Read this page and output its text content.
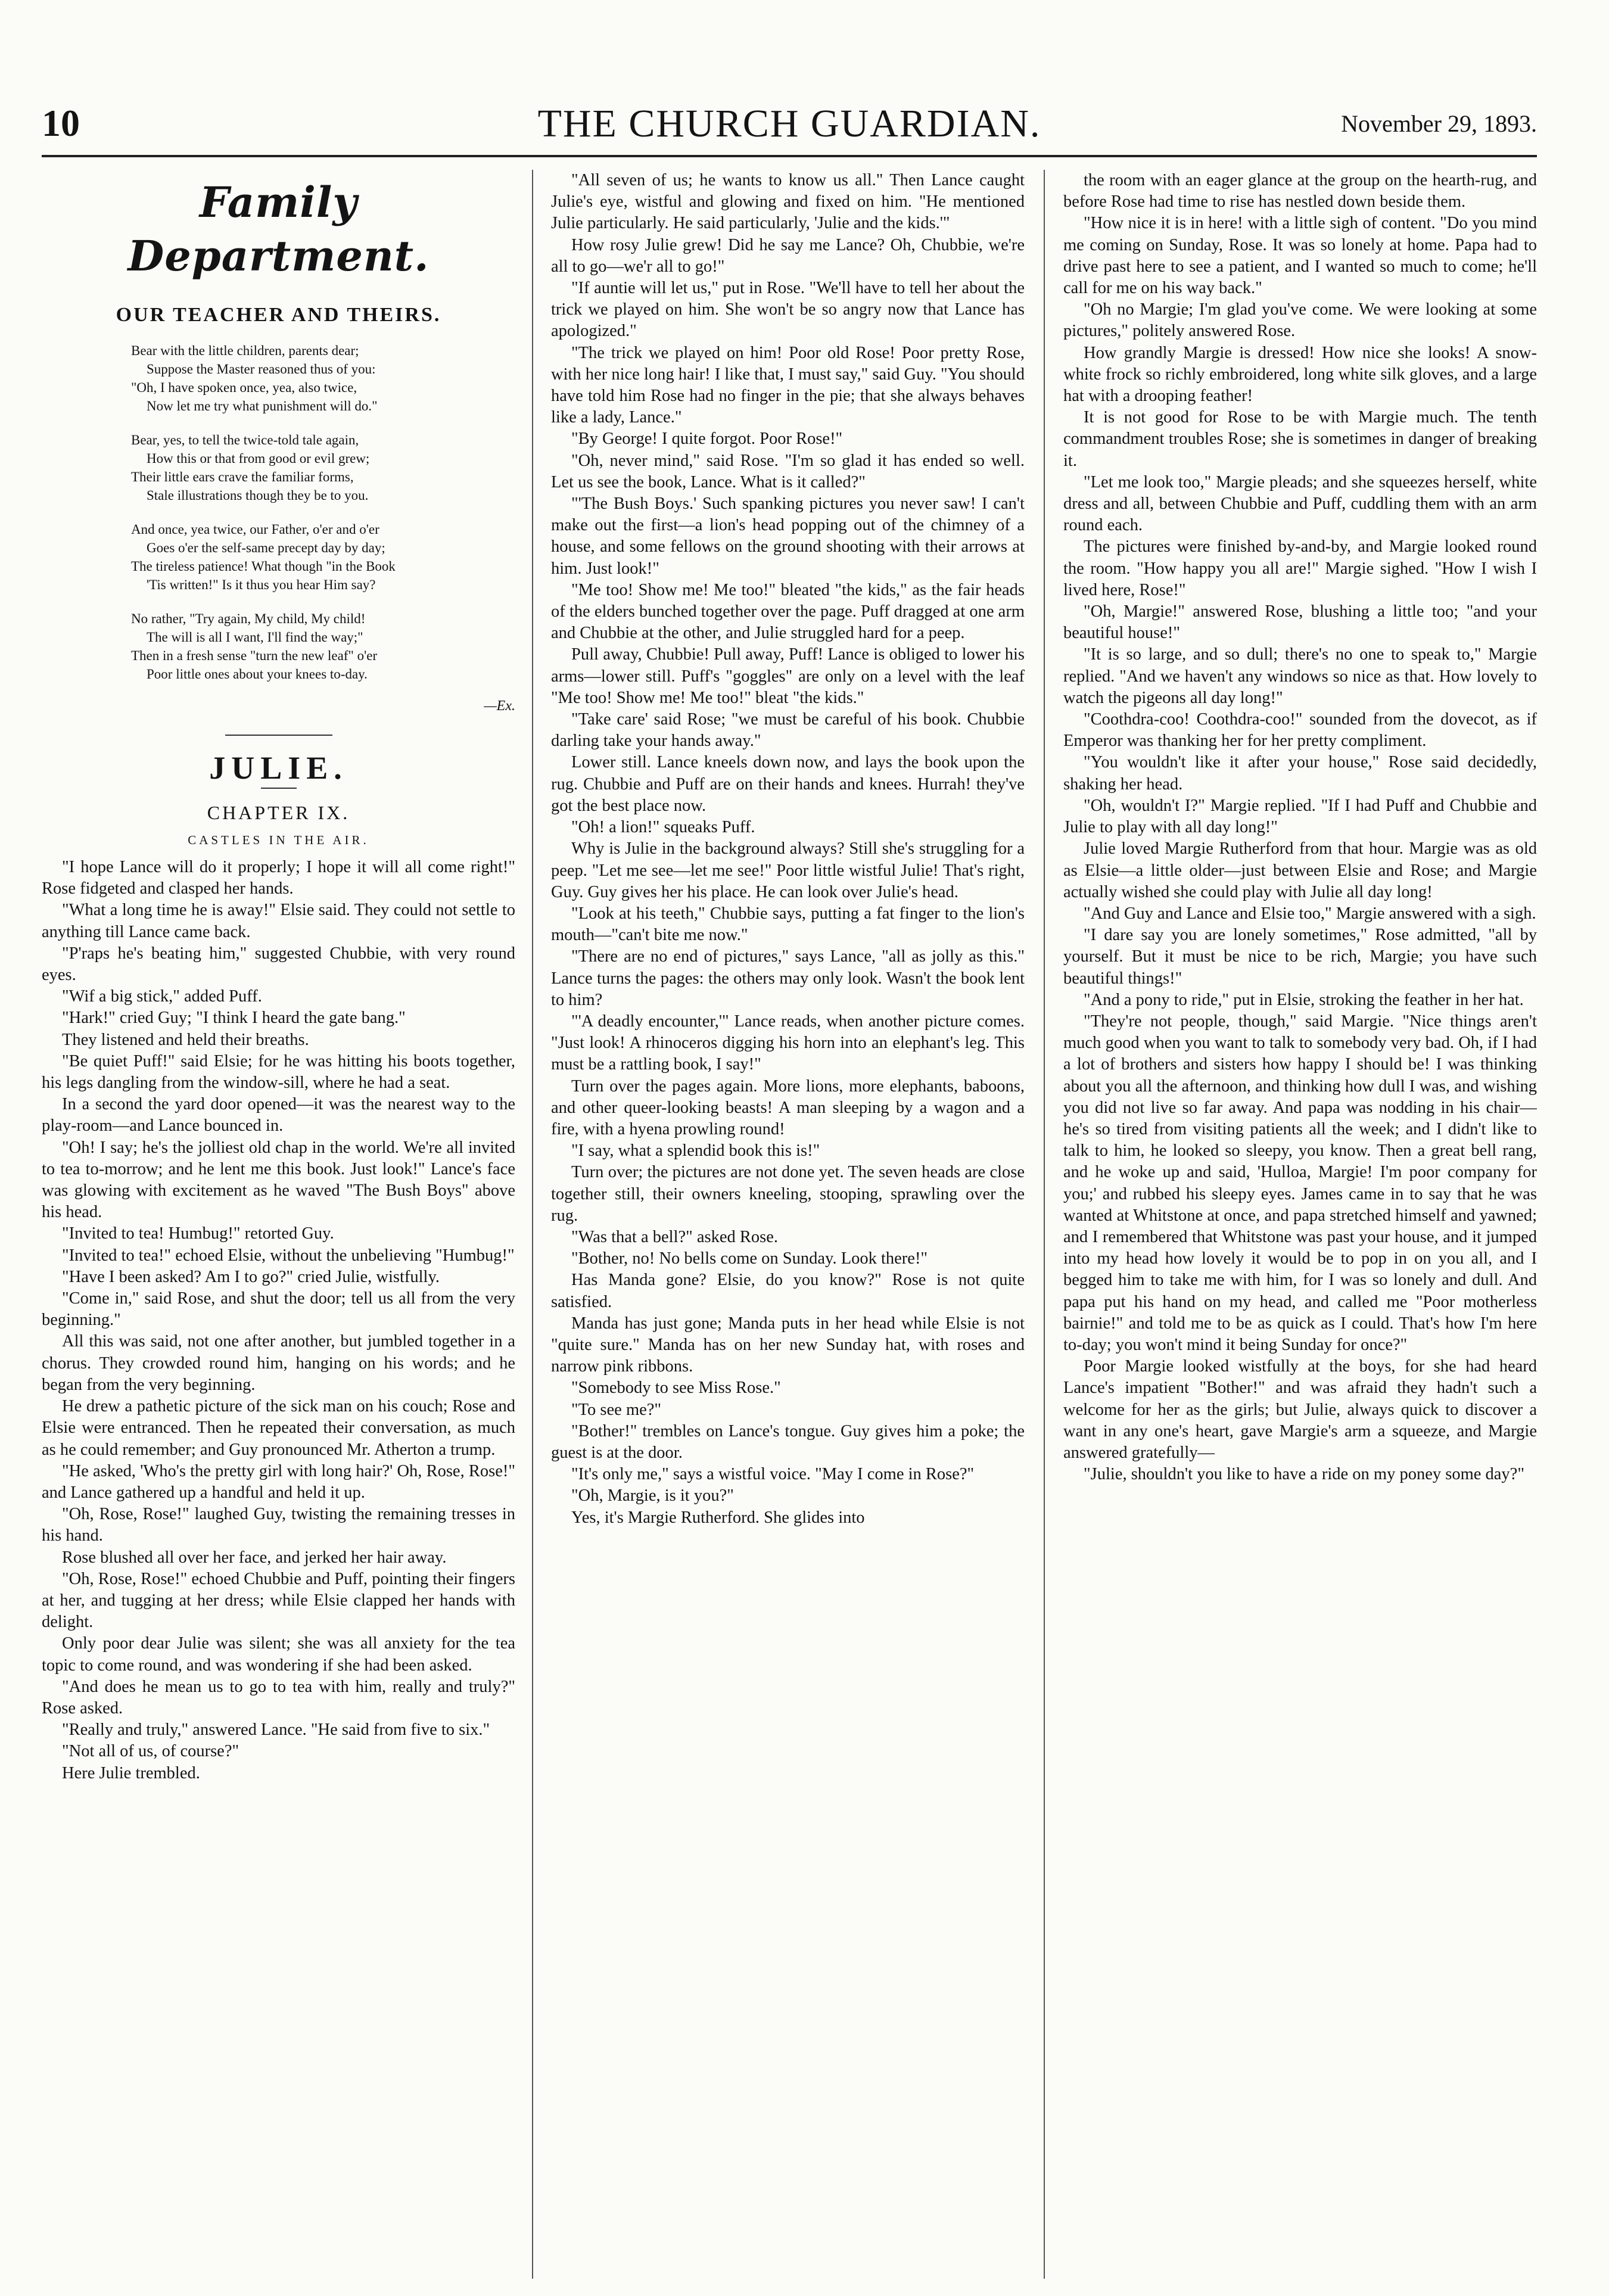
10	THE CHURCH GUARDIAN.	November 29, 1893.
Family Department.
OUR TEACHER AND THEIRS.
Bear with the little children, parents dear;
Suppose the Master reasoned thus of you:
"Oh, I have spoken once, yea, also twice,
Now let me try what punishment will do."
Bear, yes, to tell the twice-told tale again,
How this or that from good or evil grew;
Their little ears crave the familiar forms,
Stale illustrations though they be to you.
And once, yea twice, our Father, o'er and o'er
Goes o'er the self-same precept day by day;
The tireless patience! What though "in the Book
'Tis written!" Is it thus you hear Him say?
No rather, "Try again, My child, My child!
The will is all I want, I'll find the way;"
Then in a fresh sense "turn the new leaf" o'er
Poor little ones about your knees to-day.
—Ex.
JULIE.
CHAPTER IX.
CASTLES IN THE AIR.

"I hope Lance will do it properly; I hope it will all come right!" Rose fidgeted and clasped her hands.

"What a long time he is away!" Elsie said. They could not settle to anything till Lance came back.

"P'raps he's beating him," suggested Chubbie, with very round eyes.

"Wif a big stick," added Puff.

"Hark!" cried Guy; "I think I heard the gate bang."

They listened and held their breaths.

"Be quiet Puff!" said Elsie; for he was hitting his boots together, his legs dangling from the window-sill, where he had a seat.

In a second the yard door opened—it was the nearest way to the play-room—and Lance bounced in.

"Oh! I say; he's the jolliest old chap in the world. We're all invited to tea to-morrow; and he lent me this book. Just look!" Lance's face was glowing with excitement as he waved "The Bush Boys" above his head.

"Invited to tea! Humbug!" retorted Guy.

"Invited to tea!" echoed Elsie, without the unbelieving "Humbug!"

"Have I been asked? Am I to go?" cried Julie, wistfully.

"Come in," said Rose, and shut the door; tell us all from the very beginning."

All this was said, not one after another, but jumbled together in a chorus. They crowded round him, hanging on his words; and he began from the very beginning.

He drew a pathetic picture of the sick man on his couch; Rose and Elsie were entranced. Then he repeated their conversation, as much as he could remember; and Guy pronounced Mr. Atherton a trump.

"He asked, 'Who's the pretty girl with long hair?' Oh, Rose, Rose!" and Lance gathered up a handful and held it up.

"Oh, Rose, Rose!" laughed Guy, twisting the remaining tresses in his hand.

Rose blushed all over her face, and jerked her hair away.

"Oh, Rose, Rose!" echoed Chubbie and Puff, pointing their fingers at her, and tugging at her dress; while Elsie clapped her hands with delight.

Only poor dear Julie was silent; she was all anxiety for the tea topic to come round, and was wondering if she had been asked.

"And does he mean us to go to tea with him, really and truly?" Rose asked.

"Really and truly," answered Lance. "He said from five to six."

"Not all of us, of course?"

Here Julie trembled.

"All seven of us; he wants to know us all." Then Lance caught Julie's eye, wistful and glowing and fixed on him. "He mentioned Julie particularly. He said particularly, 'Julie and the kids.'"

How rosy Julie grew! Did he say me Lance? Oh, Chubbie, we're all to go—we'r all to go!"

"If auntie will let us," put in Rose. "We'll have to tell her about the trick we played on him. She won't be so angry now that Lance has apologized."

"The trick we played on him! Poor old Rose! Poor pretty Rose, with her nice long hair! I like that, I must say," said Guy. "You should have told him Rose had no finger in the pie; that she always behaves like a lady, Lance."

"By George! I quite forgot. Poor Rose!"

"Oh, never mind," said Rose. "I'm so glad it has ended so well. Let us see the book, Lance. What is it called?"

"'The Bush Boys.' Such spanking pictures you never saw! I can't make out the first—a lion's head popping out of the chimney of a house, and some fellows on the ground shooting with their arrows at him. Just look!"

"Me too! Show me! Me too!" bleated "the kids," as the fair heads of the elders bunched together over the page. Puff dragged at one arm and Chubbie at the other, and Julie struggled hard for a peep.

Pull away, Chubbie! Pull away, Puff! Lance is obliged to lower his arms—lower still. Puff's "goggles" are only on a level with the leaf "Me too! Show me! Me too!" bleat "the kids."

"Take care' said Rose; "we must be careful of his book. Chubbie darling take your hands away."

Lower still. Lance kneels down now, and lays the book upon the rug. Chubbie and Puff are on their hands and knees. Hurrah! they've got the best place now.

"Oh! a lion!" squeaks Puff.

Why is Julie in the background always? Still she's struggling for a peep. "Let me see—let me see!" Poor little wistful Julie! That's right, Guy. Guy gives her his place. He can look over Julie's head.

"Look at his teeth," Chubbie says, putting a fat finger to the lion's mouth—"can't bite me now."

"There are no end of pictures," says Lance, "all as jolly as this." Lance turns the pages: the others may only look. Wasn't the book lent to him?

"'A deadly encounter,'" Lance reads, when another picture comes. "Just look! A rhinoceros digging his horn into an elephant's leg. This must be a rattling book, I say!"

Turn over the pages again. More lions, more elephants, baboons, and other queer-looking beasts! A man sleeping by a wagon and a fire, with a hyena prowling round!

"I say, what a splendid book this is!"

Turn over; the pictures are not done yet. The seven heads are close together still, their owners kneeling, stooping, sprawling over the rug.

"Was that a bell?" asked Rose.

"Bother, no! No bells come on Sunday. Look there!"

Has Manda gone? Elsie, do you know?" Rose is not quite satisfied.

Manda has just gone; Manda puts in her head while Elsie is not "quite sure." Manda has on her new Sunday hat, with roses and narrow pink ribbons.

"Somebody to see Miss Rose."

"To see me?"

"Bother!" trembles on Lance's tongue. Guy gives him a poke; the guest is at the door.

"It's only me," says a wistful voice. "May I come in Rose?"

"Oh, Margie, is it you?"

Yes, it's Margie Rutherford. She glides into

the room with an eager glance at the group on the hearth-rug, and before Rose had time to rise has nestled down beside them.

"How nice it is in here! with a little sigh of content. "Do you mind me coming on Sunday, Rose. It was so lonely at home. Papa had to drive past here to see a patient, and I wanted so much to come; he'll call for me on his way back."

"Oh no Margie; I'm glad you've come. We were looking at some pictures," politely answered Rose.

How grandly Margie is dressed! How nice she looks! A snow-white frock so richly embroidered, long white silk gloves, and a large hat with a drooping feather!

It is not good for Rose to be with Margie much. The tenth commandment troubles Rose; she is sometimes in danger of breaking it.

"Let me look too," Margie pleads; and she squeezes herself, white dress and all, between Chubbie and Puff, cuddling them with an arm round each.

The pictures were finished by-and-by, and Margie looked round the room. "How happy you all are!" Margie sighed. "How I wish I lived here, Rose!"

"Oh, Margie!" answered Rose, blushing a little too; "and your beautiful house!"

"It is so large, and so dull; there's no one to speak to," Margie replied. "And we haven't any windows so nice as that. How lovely to watch the pigeons all day long!"

"Coothdra-coo! Coothdra-coo!" sounded from the dovecot, as if Emperor was thanking her for her pretty compliment.

"You wouldn't like it after your house," Rose said decidedly, shaking her head.

"Oh, wouldn't I?" Margie replied. "If I had Puff and Chubbie and Julie to play with all day long!"

Julie loved Margie Rutherford from that hour. Margie was as old as Elsie—a little older—just between Elsie and Rose; and Margie actually wished she could play with Julie all day long!

"And Guy and Lance and Elsie too," Margie answered with a sigh.

"I dare say you are lonely sometimes," Rose admitted, "all by yourself. But it must be nice to be rich, Margie; you have such beautiful things!"

"And a pony to ride," put in Elsie, stroking the feather in her hat.

"They're not people, though," said Margie. "Nice things aren't much good when you want to talk to somebody very bad. Oh, if I had a lot of brothers and sisters how happy I should be! I was thinking about you all the afternoon, and thinking how dull I was, and wishing you did not live so far away. And papa was nodding in his chair—he's so tired from visiting patients all the week; and I didn't like to talk to him, he looked so sleepy, you know. Then a great bell rang, and he woke up and said, 'Hulloa, Margie! I'm poor company for you;' and rubbed his sleepy eyes. James came in to say that he was wanted at Whitstone at once, and papa stretched himself and yawned; and I remembered that Whitstone was past your house, and it jumped into my head how lovely it would be to pop in on you all, and I begged him to take me with him, for I was so lonely and dull. And papa put his hand on my head, and called me "Poor motherless bairnie!" and told me to be as quick as I could. That's how I'm here to-day; you won't mind it being Sunday for once?"

Poor Margie looked wistfully at the boys, for she had heard Lance's impatient "Bother!" and was afraid they hadn't such a welcome for her as the girls; but Julie, always quick to discover a want in any one's heart, gave Margie's arm a squeeze, and Margie answered gratefully—

"Julie, shouldn't you like to have a ride on my poney some day?"
